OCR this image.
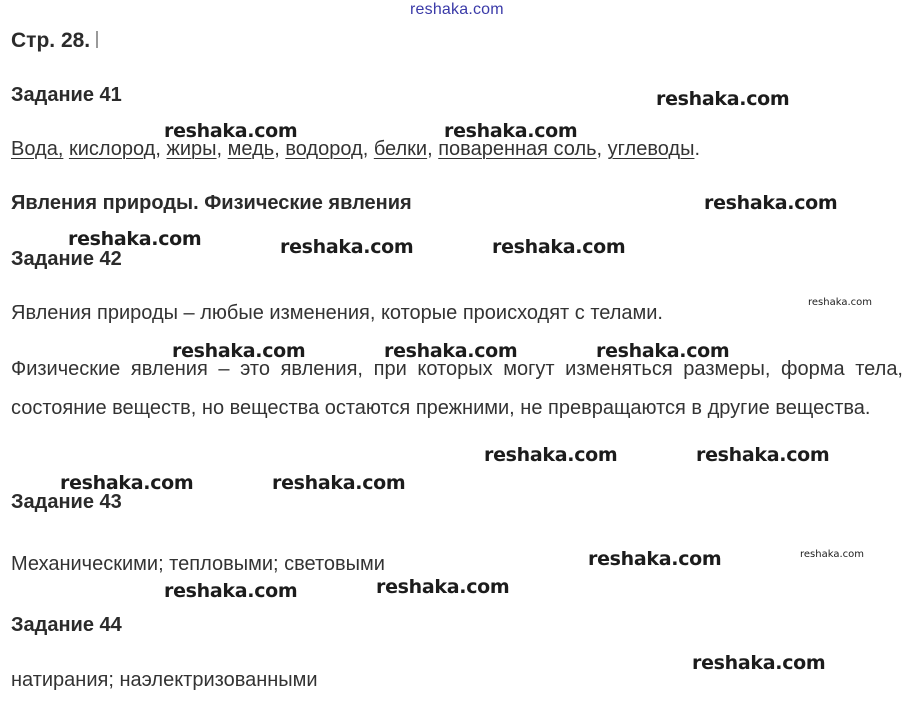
reshaka.com
Стр. 28.
Задание 41
Вода, кислород, жиры, медь, водород, белки, поваренная соль, углеводы.
Явления природы. Физические явления
Задание 42
Явления природы – любые изменения, которые происходят с телами.
Физические явления – это явления, при которых могут изменяться размеры, форма тела, состояние веществ, но вещества остаются прежними, не превращаются в другие вещества.
Задание 43
Механическими; тепловыми; световыми
Задание 44
натирания; наэлектризованными
reshaka.com
reshaka.com	reshaka.com
reshaka.com
reshaka.com	reshaka.com	reshaka.com
reshaka.com
reshaka.com	reshaka.com	reshaka.com
reshaka.com	reshaka.com
reshaka.com	reshaka.com
reshaka.com	reshaka.com
reshaka.com
reshaka.com
reshaka.com
